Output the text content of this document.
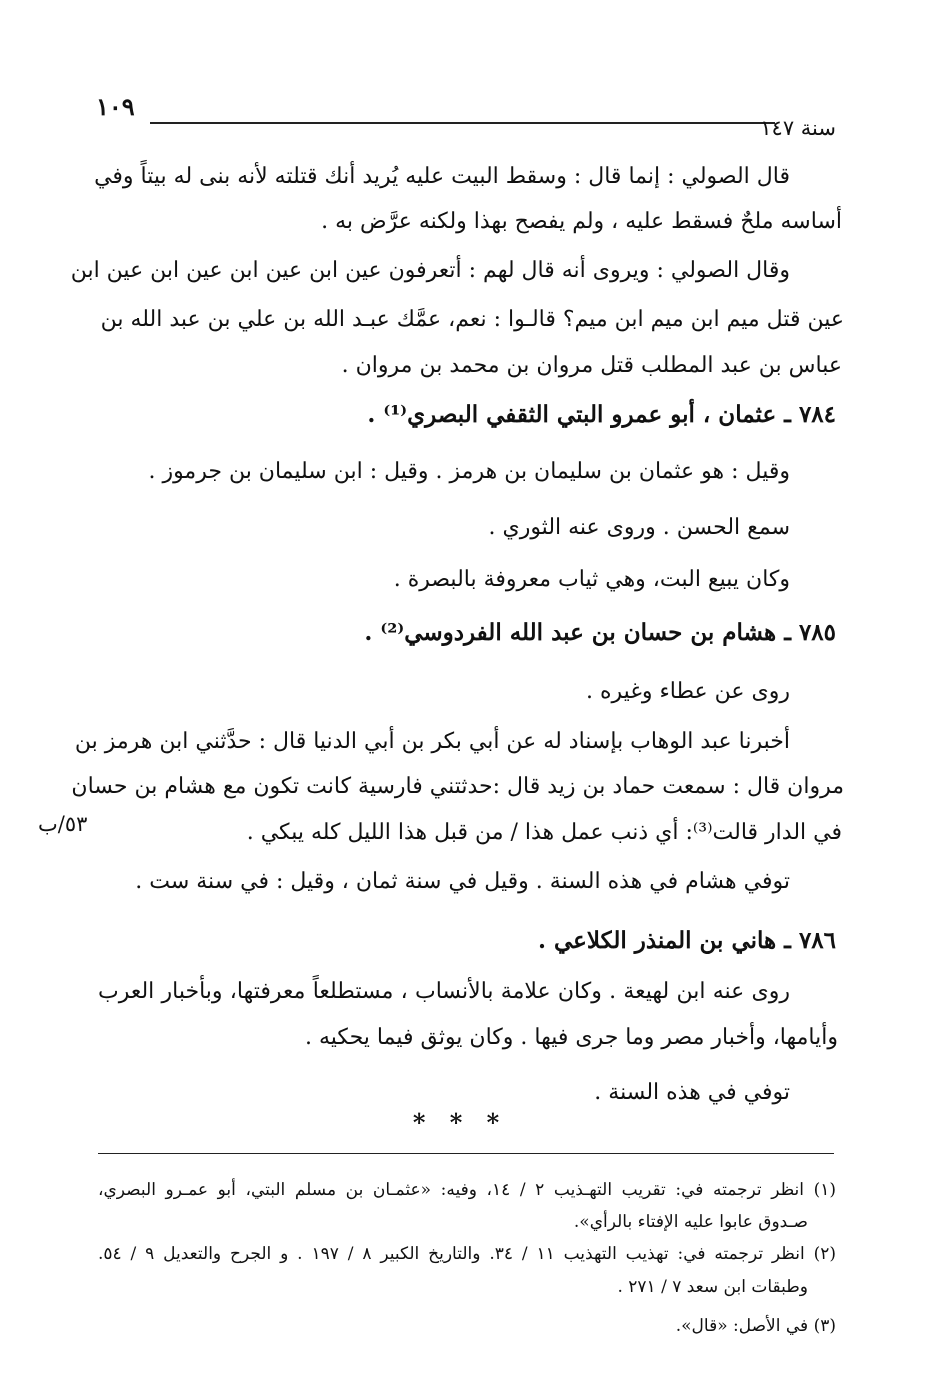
١٠٩
سنة ١٤٧
٥٣/ب
قال الصولي : إنما قال : وسقط البيت عليه يُريد أنك قتلته لأنه بنى له بيتاً وفي
أساسه ملحٌ فسقط عليه ، ولم يفصح بهذا ولكنه عرَّض به .
وقال الصولي : ويروى أنه قال لهم : أتعرفون عين ابن عين ابن عين ابن عين ابن
عين قتل ميم ابن ميم ابن ميم؟ قالـوا : نعم، عمَّك عبـد الله بن علي بن عبد الله بن
عباس بن عبد المطلب قتل مروان بن محمد بن مروان .
٧٨٤ ـ عثمان ، أبو عمرو البتي الثقفي البصري⁽¹⁾ .
وقيل : هو عثمان بن سليمان بن هرمز . وقيل : ابن سليمان بن جرموز .
سمع الحسن . وروى عنه الثوري .
وكان يبيع البت، وهي ثياب معروفة بالبصرة .
٧٨٥ ـ هشام بن حسان بن عبد الله الفردوسي⁽²⁾ .
روى عن عطاء وغيره .
أخبرنا عبد الوهاب بإسناد له عن أبي بكر بن أبي الدنيا قال : حدَّثني ابن هرمز بن
مروان قال : سمعت حماد بن زيد قال :حدثتني فارسية كانت تكون مع هشام بن حسان
في الدار قالت⁽³⁾: أي ذنب عمل هذا / من قبل هذا الليل كله يبكي .
توفي هشام في هذه السنة . وقيل في سنة ثمان ، وقيل : في سنة ست .
٧٨٦ ـ هاني بن المنذر الكلاعي .
روى عنه ابن لهيعة . وكان علامة بالأنساب ، مستطلعاً معرفتها، وبأخبار العرب
وأيامها، وأخبار مصر وما جرى فيها . وكان يوثق فيما يحكيه .
توفي في هذه السنة .
* * *
(١) انظر ترجمته في: تقريب التهـذيب ٢ / ١٤، وفيه: «عثمـان بن مسلم البتي، أبو عمـرو البصري،
صـدوق عابوا عليه الإفتاء بالرأي».
(٢) انظر ترجمته في: تهذيب التهذيب ١١ / ٣٤. والتاريخ الكبير ٨ / ١٩٧ . و الجرح والتعديل ٩ / ٥٤.
وطبقات ابن سعد ٧ / ٢٧١ .
(٣) في الأصل: «قال».
